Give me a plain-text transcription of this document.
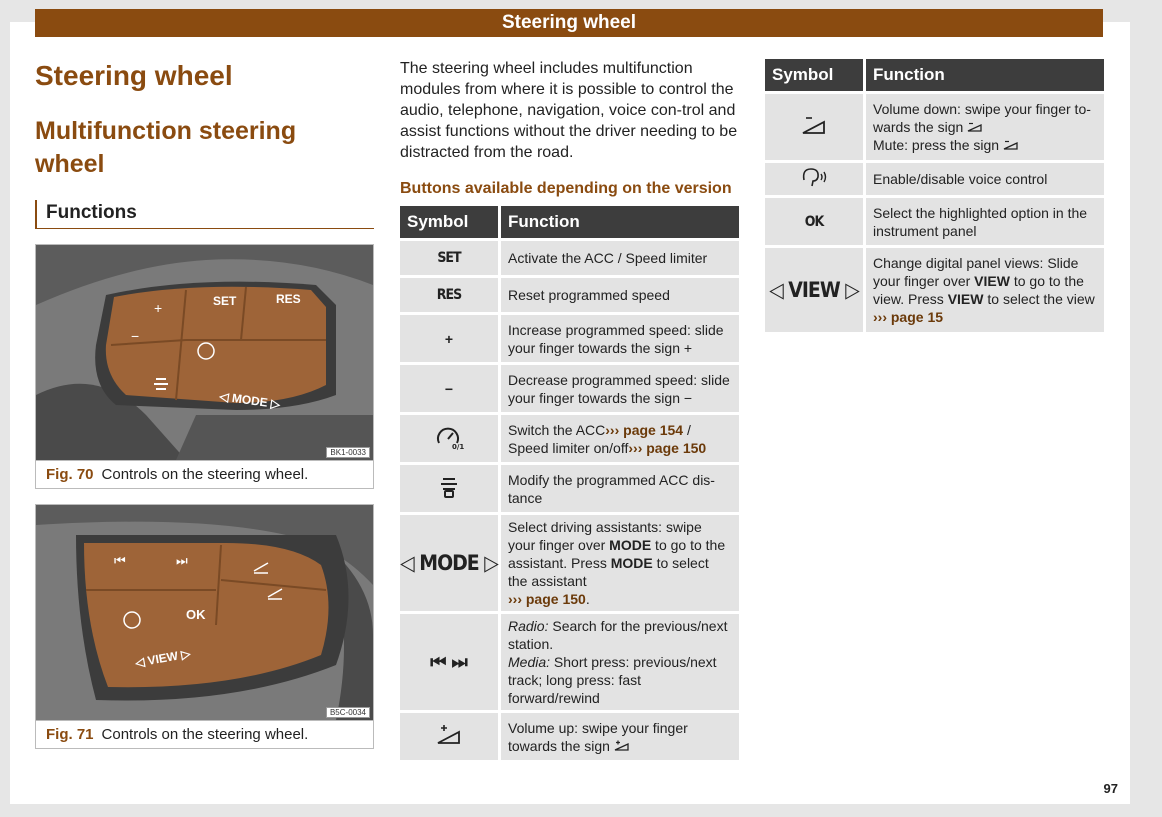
97
Steering wheel
Steering wheel
Multifunction steering wheel
Functions
+
−
SET	RES
◁ MODE ▷
BK1-0033
Fig. 70 Controls on the steering wheel.
⏮	⏭
OK
◁ VIEW ▷
B5C-0034
Fig. 71 Controls on the steering wheel.
The steering wheel includes multifunction modules from where it is possible to control the audio, telephone, navigation, voice con-trol and assist functions without the driver needing to be distracted from the road.
Buttons available depending on the version
Symbol	Function
SET	Activate the ACC / Speed limiter
RES	Reset programmed speed
+	Increase programmed speed: slide your finger towards the sign +
−	Decrease programmed speed: slide your finger towards the sign −

0/1	Switch the ACC››› page 154 / Speed limiter on/off››› page 150
	Modify the programmed ACC dis-tance
◁ MODE ▷	Select driving assistants: swipe your finger over MODE to go to the assistant. Press MODE to select the assistant
››› page 150.
⏮ ⏭	Radio: Search for the previous/next station.
Media: Short press: previous/next track; long press: fast forward/rewind
	Volume up: swipe your finger towards the sign
Symbol	Function
	Volume down: swipe your finger to-wards the sign
Mute: press the sign
	Enable/disable voice control
OK	Select the highlighted option in the instrument panel
◁ VIEW ▷	Change digital panel views: Slide your finger over VIEW to go to the view. Press VIEW to select the view
››› page 15
